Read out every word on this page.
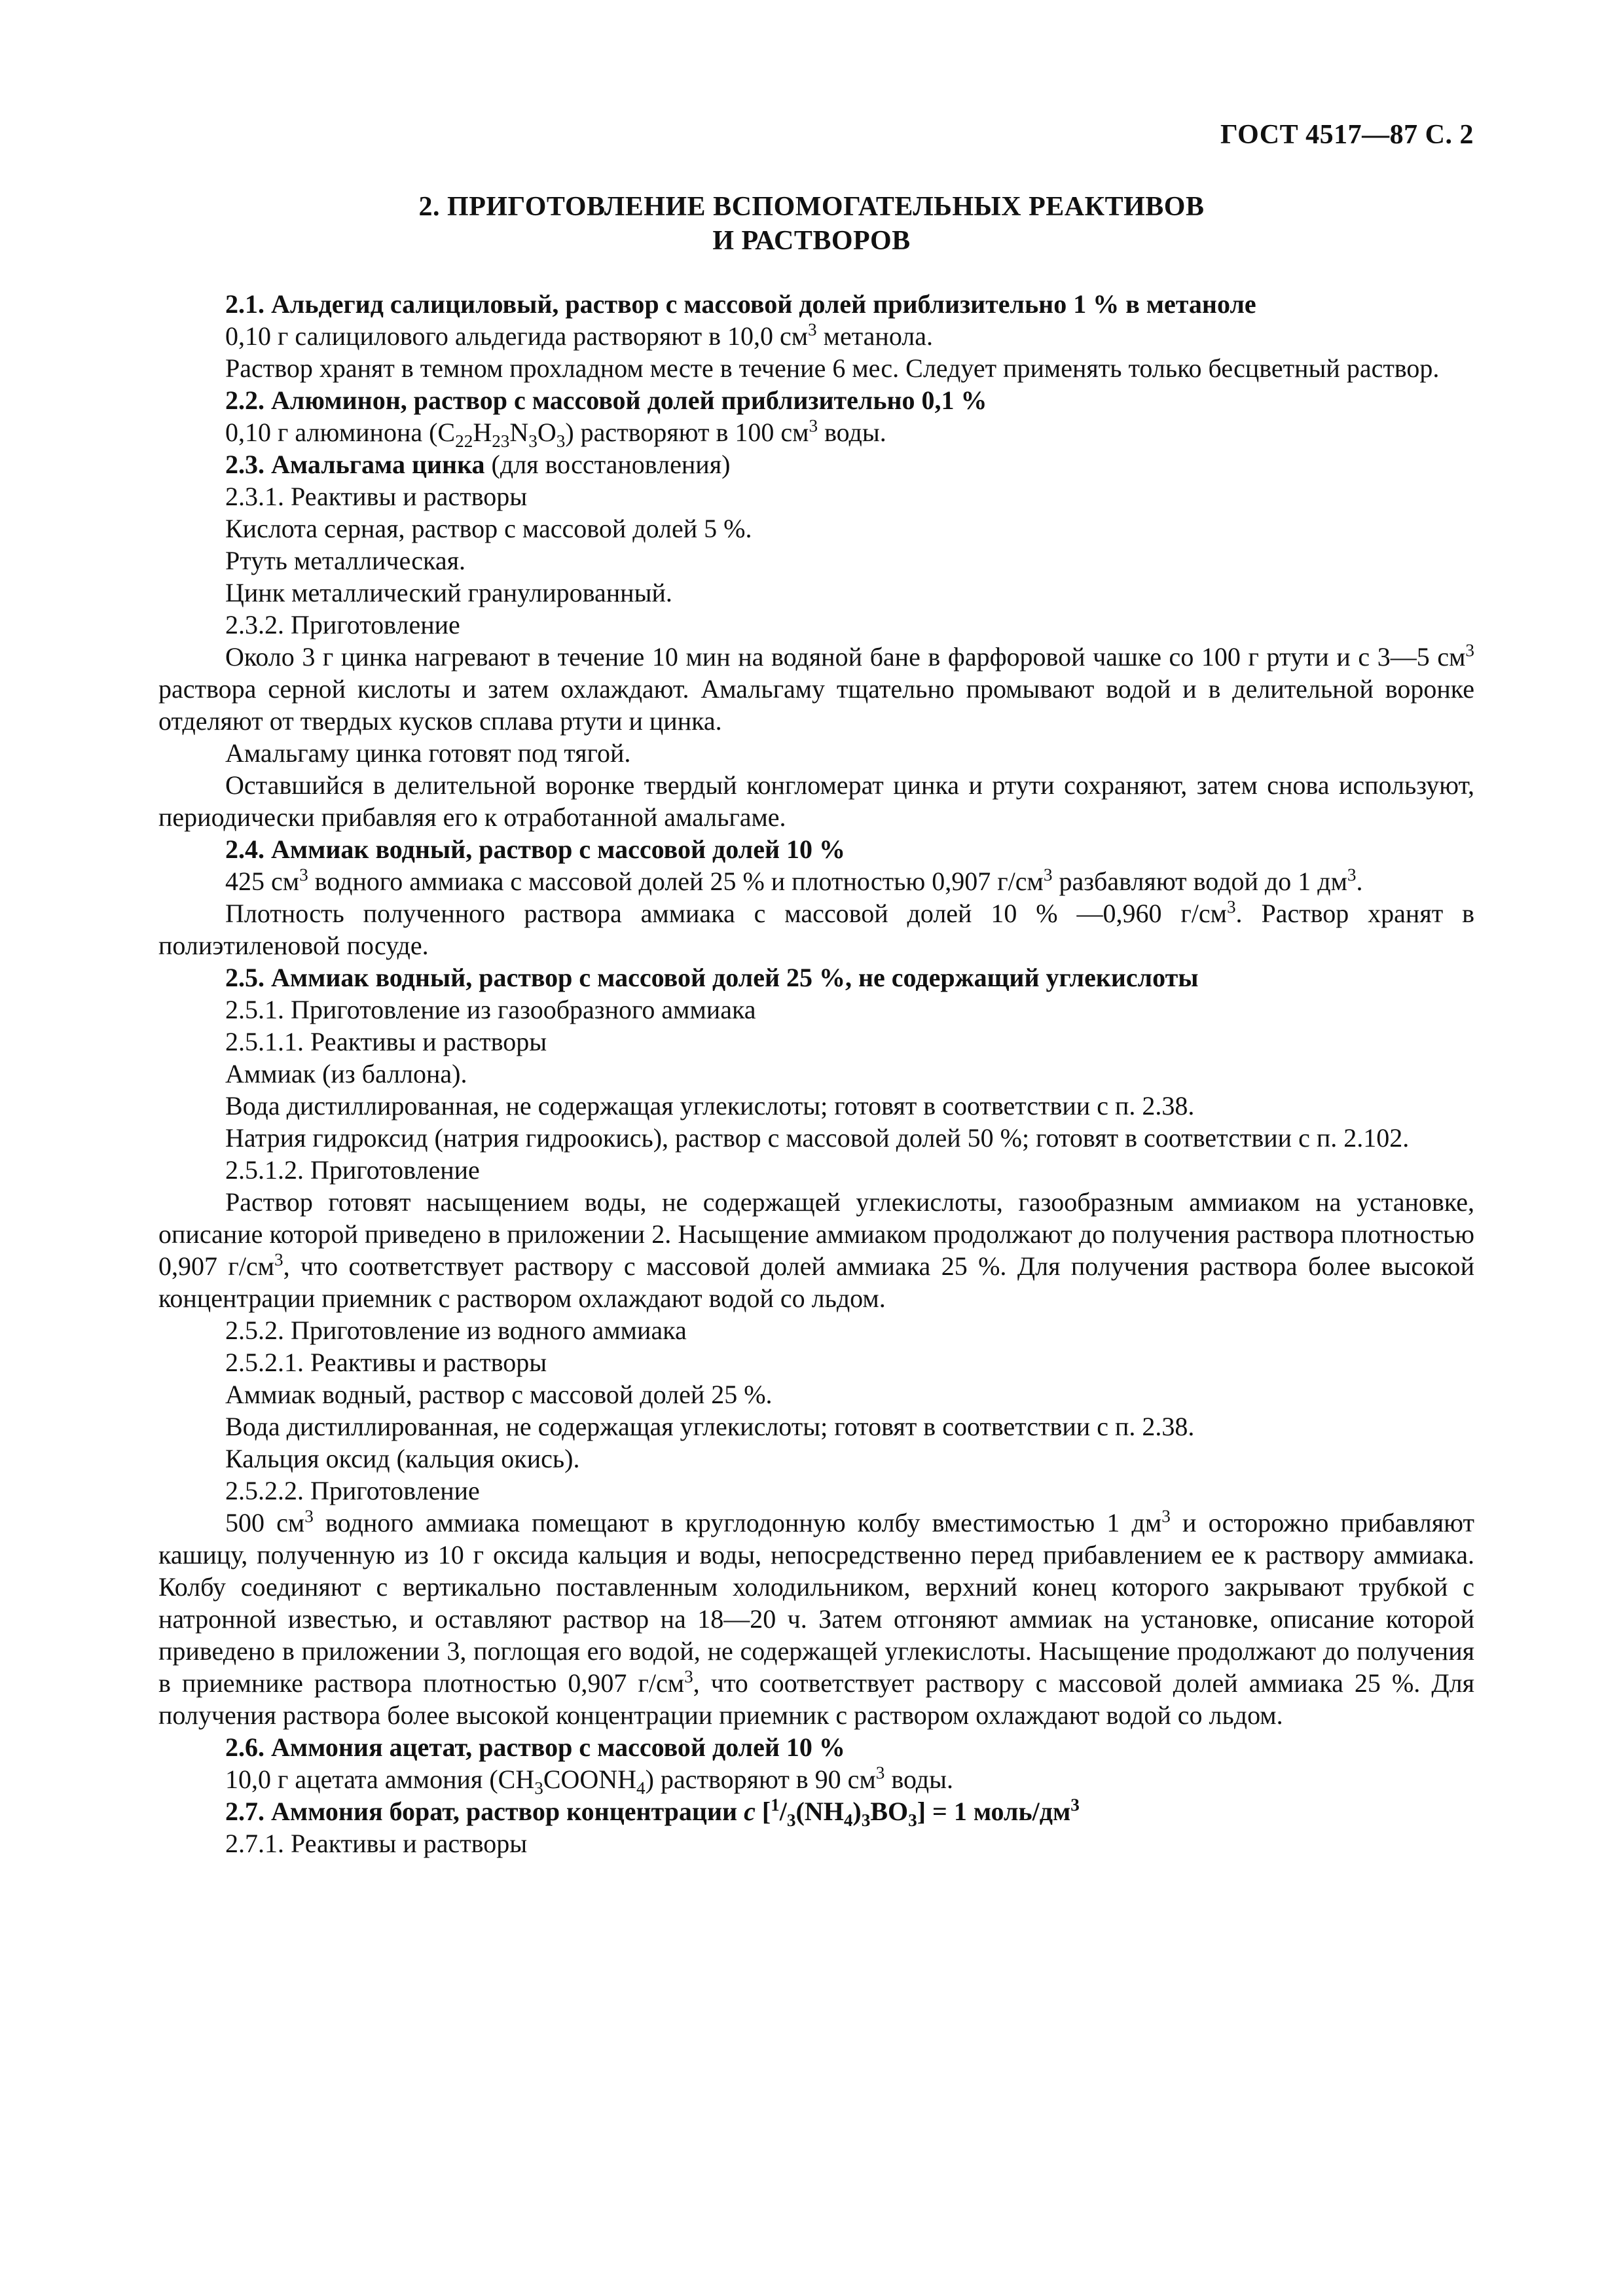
ГОСТ 4517—87 С. 2
2. ПРИГОТОВЛЕНИЕ ВСПОМОГАТЕЛЬНЫХ РЕАКТИВОВ
И РАСТВОРОВ

2.1. Альдегид салициловый, раствор с массовой долей приблизительно 1 % в метаноле

0,10 г салицилового альдегида растворяют в 10,0 $см^3$ метанола.

Раствор хранят в темном прохладном месте в течение 6 мес. Следует применять только бесцветный раствор.

2.2. Алюминон, раствор с массовой долей приблизительно 0,1 %

0,10 г алюминона $(C_{22}H_{23}N_3O_3)$ растворяют в 100 $см^3$ воды.

2.3. Амальгама цинка (для восстановления)

2.3.1. Реактивы и растворы

Кислота серная, раствор с массовой долей 5 %.

Ртуть металлическая.

Цинк металлический гранулированный.

2.3.2. Приготовление

Около 3 г цинка нагревают в течение 10 мин на водяной бане в фарфоровой чашке со 100 г ртути и с 3—5 $см^3$ раствора серной кислоты и затем охлаждают. Амальгаму тщательно промывают водой и в делительной воронке отделяют от твердых кусков сплава ртути и цинка.

Амальгаму цинка готовят под тягой.

Оставшийся в делительной воронке твердый конгломерат цинка и ртути сохраняют, затем снова используют, периодически прибавляя его к отработанной амальгаме.

2.4. Аммиак водный, раствор с массовой долей 10 %

425 $см^3$ водного аммиака с массовой долей 25 % и плотностью 0,907 $г/см^3$ разбавляют водой до 1 $дм^3$.

Плотность полученного раствора аммиака с массовой долей 10 % —0,960 $г/см^3$. Раствор хранят в полиэтиленовой посуде.

2.5. Аммиак водный, раствор с массовой долей 25 %, не содержащий углекислоты

2.5.1. Приготовление из газообразного аммиака

2.5.1.1. Реактивы и растворы

Аммиак (из баллона).

Вода дистиллированная, не содержащая углекислоты; готовят в соответствии с п. 2.38.

Натрия гидроксид (натрия гидроокись), раствор с массовой долей 50 %; готовят в соответствии с п. 2.102.

2.5.1.2. Приготовление

Раствор готовят насыщением воды, не содержащей углекислоты, газообразным аммиаком на установке, описание которой приведено в приложении 2. Насыщение аммиаком продолжают до получения раствора плотностью 0,907 $г/см^3$, что соответствует раствору с массовой долей аммиака 25 %. Для получения раствора более высокой концентрации приемник с раствором охлаждают водой со льдом.

2.5.2. Приготовление из водного аммиака

2.5.2.1. Реактивы и растворы

Аммиак водный, раствор с массовой долей 25 %.

Вода дистиллированная, не содержащая углекислоты; готовят в соответствии с п. 2.38.

Кальция оксид (кальция окись).

2.5.2.2. Приготовление

500 $см^3$ водного аммиака помещают в круглодонную колбу вместимостью 1 $дм^3$ и осторожно прибавляют кашицу, полученную из 10 г оксида кальция и воды, непосредственно перед прибавлением ее к раствору аммиака. Колбу соединяют с вертикально поставленным холодильником, верхний конец которого закрывают трубкой с натронной известью, и оставляют раствор на 18—20 ч. Затем отгоняют аммиак на установке, описание которой приведено в приложении 3, поглощая его водой, не содержащей углекислоты. Насыщение продолжают до получения в приемнике раствора плотностью 0,907 $г/см^3$, что соответствует раствору с массовой долей аммиака 25 %. Для получения раствора более высокой концентрации приемник с раствором охлаждают водой со льдом.

2.6. Аммония ацетат, раствор с массовой долей 10 %

10,0 г ацетата аммония $(CH_3COONH_4)$ растворяют в 90 $см^3$ воды.

2.7. Аммония борат, раствор концентрации c $[^1/_3(NH_4)_3BO_3] = 1$ моль/$дм^3$

2.7.1. Реактивы и растворы
